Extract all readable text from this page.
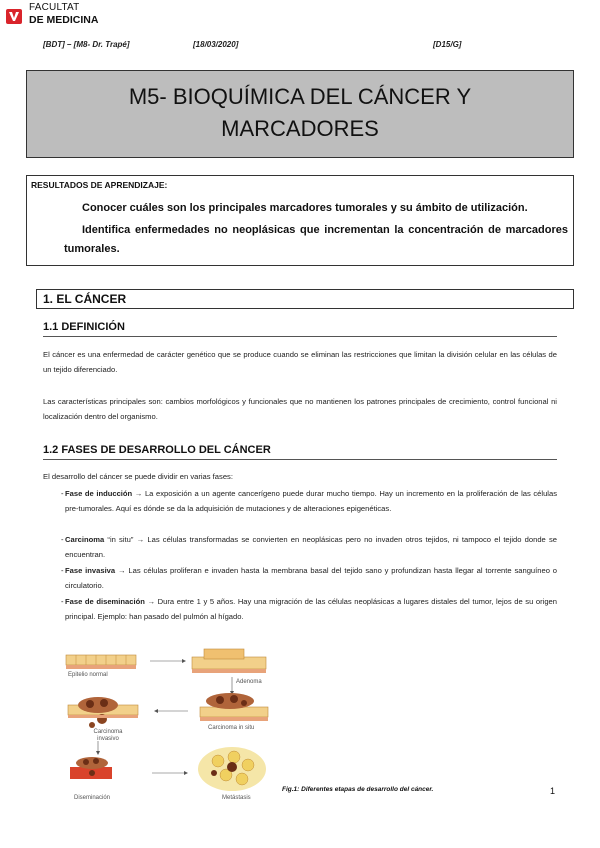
FACULTAT
DE MEDICINA
[BDT] – [M8- Dr. Trapé]	[18/03/2020]	[D15/G]
M5- BIOQUÍMICA DEL CÁNCER Y
MARCADORES
RESULTADOS DE APRENDIZAJE:
Conocer cuáles son los principales marcadores tumorales y su ámbito de utilización.
Identifica enfermedades no neoplásicas que incrementan la concentración de marcadores tumorales.
1. EL CÁNCER
1.1 DEFINICIÓN
El cáncer es una enfermedad de carácter genético que se produce cuando se eliminan las restricciones que limitan la división celular en las células de un tejido diferenciado.
Las características principales son: cambios morfológicos y funcionales que no mantienen los patrones principales de crecimiento, control funcional ni localización dentro del organismo.
1.2 FASES DE DESARROLLO DEL CÁNCER
El desarrollo del cáncer se puede dividir en varias fases:
- Fase de inducción → La exposición a un agente cancerígeno puede durar mucho tiempo. Hay un incremento en la proliferación de las células pre-tumorales. Aquí es dónde se da la adquisición de mutaciones y de alteraciones epigenéticas.
- Carcinoma “in situ” → Las células transformadas se convierten en neoplásicas pero no invaden otros tejidos, ni tampoco el tejido donde se encuentran.
- Fase invasiva → Las células proliferan e invaden hasta la membrana basal del tejido sano y profundizan hasta llegar al torrente sanguíneo o circulatorio.
- Fase de diseminación → Dura entre 1 y 5 años. Hay una migración de las células neoplásicas a lugares distales del tumor, lejos de su origen principal. Ejemplo: han pasado del pulmón al hígado.
Epitelio normal
Adenoma
Carcinoma invasivo
Carcinoma in situ
Diseminación	Metástasis
Fig.1: Diferentes etapas de desarrollo del cáncer.	1
